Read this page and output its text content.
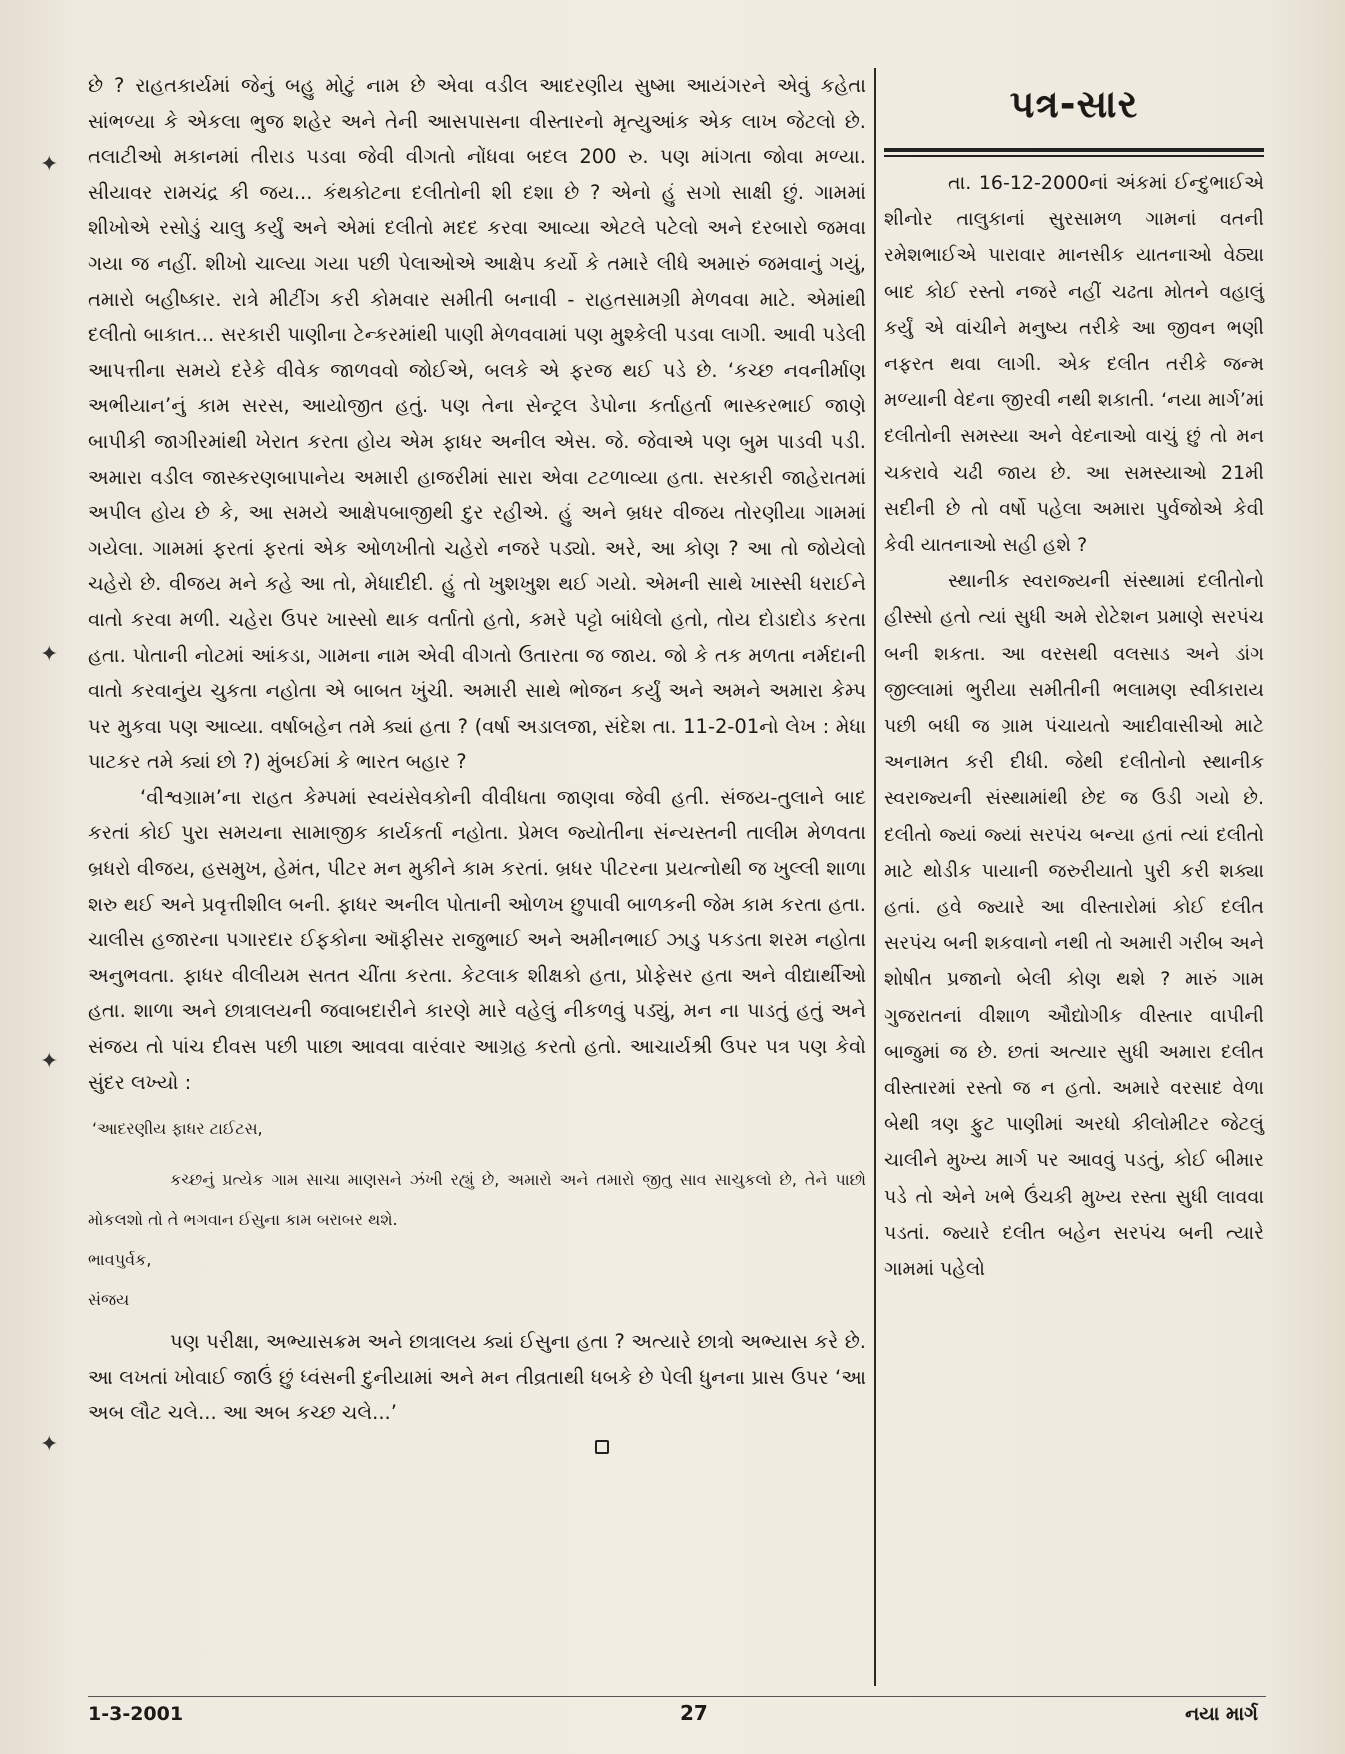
✦
✦
✦
✦

છે ? રાહતકાર્યમાં જેનું બહુ મોટું નામ છે એવા વડીલ આદરણીય સુષ્મા આયંગરને એવું કહેતા સાંભળ્યા કે એકલા ભુજ શહેર અને તેની આસપાસના વીસ્તારનો મૃત્યુઆંક એક લાખ જેટલો છે. તલાટીઓ મકાનમાં તીરાડ પડવા જેવી વીગતો નોંધવા બદલ 200 રુ. પણ માંગતા જોવા મળ્યા. સીયાવર રામચંદ્ર કી જય... કંથકોટના દલીતોની શી દશા છે ? એનો હું સગો સાક્ષી છું. ગામમાં શીખોએ રસોડું ચાલુ કર્યું અને એમાં દલીતો મદદ કરવા આવ્યા એટલે પટેલો અને દરબારો જમવા ગયા જ નહીં. શીખો ચાલ્યા ગયા પછી પેલાઓએ આક્ષેપ કર્યો કે તમારે લીધે અમારું જમવાનું ગયું, તમારો બહીષ્કાર. રાત્રે મીટીંગ કરી કોમવાર સમીતી બનાવી - રાહતસામગ્રી મેળવવા માટે. એમાંથી દલીતો બાકાત... સરકારી પાણીના ટેન્કરમાંથી પાણી મેળવવામાં પણ મુશ્કેલી પડવા લાગી. આવી પડેલી આપત્તીના સમયે દરેકે વીવેક જાળવવો જોઈએ, બલકે એ ફરજ થઈ પડે છે. ‘કચ્છ નવનીર્માણ અભીયાન’નું કામ સરસ, આયોજીત હતું. પણ તેના સેન્ટ્રલ ડેપોના કર્તાહર્તા ભાસ્કરભાઈ જાણે બાપીકી જાગીરમાંથી ખેરાત કરતા હોય એમ ફાધર અનીલ એસ. જે. જેવાએ પણ બુમ પાડવી પડી. અમારા વડીલ જાસ્કરણબાપાનેય અમારી હાજરીમાં સારા એવા ટટળાવ્યા હતા. સરકારી જાહેરાતમાં અપીલ હોય છે કે, આ સમયે આક્ષેપબાજીથી દુર રહીએ. હું અને બ્રધર વીજય તોરણીયા ગામમાં ગયેલા. ગામમાં ફરતાં ફરતાં એક ઓળખીતો ચહેરો નજરે પડ્યો. અરે, આ કોણ ? આ તો જોયેલો ચહેરો છે. વીજય મને કહે આ તો, મેધાદીદી. હું તો ખુશખુશ થઈ ગયો. એમની સાથે ખાસ્સી ધરાઈને વાતો કરવા મળી. ચહેરા ઉપર ખાસ્સો થાક વર્તાતો હતો, કમરે પટ્ટો બાંધેલો હતો, તોય દોડાદોડ કરતા હતા. પોતાની નોટમાં આંકડા, ગામના નામ એવી વીગતો ઉતારતા જ જાય. જો કે તક મળતા નર્મદાની વાતો કરવાનુંય ચુકતા નહોતા એ બાબત ખુંચી. અમારી સાથે ભોજન કર્યું અને અમને અમારા કેમ્પ પર મુકવા પણ આવ્યા. વર્ષાબહેન તમે ક્યાં હતા ? (વર્ષા અડાલજા, સંદેશ તા. 11-2-01નો લેખ : મેધા પાટકર તમે ક્યાં છો ?) મુંબઈમાં કે ભારત બહાર ?

‘વીશ્વગ્રામ’ના રાહત કેમ્પમાં સ્વયંસેવકોની વીવીધતા જાણવા જેવી હતી. સંજય-તુલાને બાદ કરતાં કોઈ પુરા સમયના સામાજીક કાર્યકર્તા નહોતા. પ્રેમલ જ્યોતીના સંન્યસ્તની તાલીમ મેળવતા બ્રધરો વીજય, હસમુખ, હેમંત, પીટર મન મુકીને કામ કરતાં. બ્રધર પીટરના પ્રયત્નોથી જ ખુલ્લી શાળા શરુ થઈ અને પ્રવૃત્તીશીલ બની. ફાધર અનીલ પોતાની ઓળખ છુપાવી બાળકની જેમ કામ કરતા હતા. ચાલીસ હજારના પગારદાર ઈફકોના ઑફીસર રાજુભાઈ અને અમીનભાઈ ઝાડુ પકડતા શરમ નહોતા અનુભવતા. ફાધર વીલીયમ સતત ચીંતા કરતા. કેટલાક શીક્ષકો હતા, પ્રોફેસર હતા અને વીદ્યાર્થીઓ હતા. શાળા અને છાત્રાલયની જવાબદારીને કારણે મારે વહેલું નીકળવું પડ્યું, મન ના પાડતું હતું અને સંજય તો પાંચ દીવસ પછી પાછા આવવા વારંવાર આગ્રહ કરતો હતો. આચાર્યશ્રી ઉપર પત્ર પણ કેવો સુંદર લખ્યો :

‘આદરણીય ફાધર ટાઈટસ,

કચ્છનું પ્રત્યેક ગામ સાચા માણસને ઝંખી રહ્યું છે, અમારો અને તમારો જીતુ સાવ સાચુકલો છે, તેને પાછો મોકલશો તો તે ભગવાન ઈસુના કામ બરાબર થશે.

ભાવપુર્વક,

સંજય

પણ પરીક્ષા, અભ્યાસક્રમ અને છાત્રાલય ક્યાં ઈસુના હતા ? અત્યારે છાત્રો અભ્યાસ કરે છે. આ લખતાં ખોવાઈ જાઉં છું ધ્વંસની દુનીયામાં અને મન તીવ્રતાથી ધબકે છે પેલી ધુનના પ્રાસ ઉપર ‘આ અબ લૌટ ચલે... આ અબ કચ્છ ચલે...’

પત્ર-સાર

તા. 16-12-2000નાં અંકમાં ઈન્દુભાઈએ શીનોર તાલુકાનાં સુરસામળ ગામનાં વતની રમેશભાઈએ પારાવાર માનસીક યાતનાઓ વેઠ્યા બાદ કોઈ રસ્તો નજરે નહીં ચઢતા મોતને વહાલું કર્યું એ વાંચીને મનુષ્ય તરીકે આ જીવન ભણી નફરત થવા લાગી. એક દલીત તરીકે જન્મ મળ્યાની વેદના જીરવી નથી શકાતી. ‘નયા માર્ગ’માં દલીતોની સમસ્યા અને વેદનાઓ વાચું છું તો મન ચકરાવે ચઢી જાય છે. આ સમસ્યાઓ 21મી સદીની છે તો વર્ષો પહેલા અમારા પુર્વજોએ કેવી કેવી યાતનાઓ સહી હશે ?

સ્થાનીક સ્વરાજ્યની સંસ્થામાં દલીતોનો હીસ્સો હતો ત્યાં સુધી અમે રોટેશન પ્રમાણે સરપંચ બની શકતા. આ વરસથી વલસાડ અને ડાંગ જીલ્લામાં ભુરીયા સમીતીની ભલામણ સ્વીકારાય પછી બધી જ ગ્રામ પંચાયતો આદીવાસીઓ માટે અનામત કરી દીધી. જેથી દલીતોનો સ્થાનીક સ્વરાજ્યની સંસ્થામાંથી છેદ જ ઉડી ગયો છે. દલીતો જ્યાં જ્યાં સરપંચ બન્યા હતાં ત્યાં દલીતો માટે થોડીક પાયાની જરુરીયાતો પુરી કરી શક્યા હતાં. હવે જ્યારે આ વીસ્તારોમાં કોઈ દલીત સરપંચ બની શકવાનો નથી તો અમારી ગરીબ અને શોષીત પ્રજાનો બેલી કોણ થશે ? મારું ગામ ગુજરાતનાં વીશાળ ઔદ્યોગીક વીસ્તાર વાપીની બાજુમાં જ છે. છતાં અત્યાર સુધી અમારા દલીત વીસ્તારમાં રસ્તો જ ન હતો. અમારે વરસાદ વેળા બેથી ત્રણ ફુટ પાણીમાં અરધો કીલોમીટર જેટલું ચાલીને મુખ્ય માર્ગ પર આવવું પડતું, કોઈ બીમાર પડે તો એને ખભે ઉંચકી મુખ્ય રસ્તા સુધી લાવવા પડતાં. જ્યારે દલીત બહેન સરપંચ બની ત્યારે ગામમાં પહેલો

1-3-2001	27	નયા માર્ગ
